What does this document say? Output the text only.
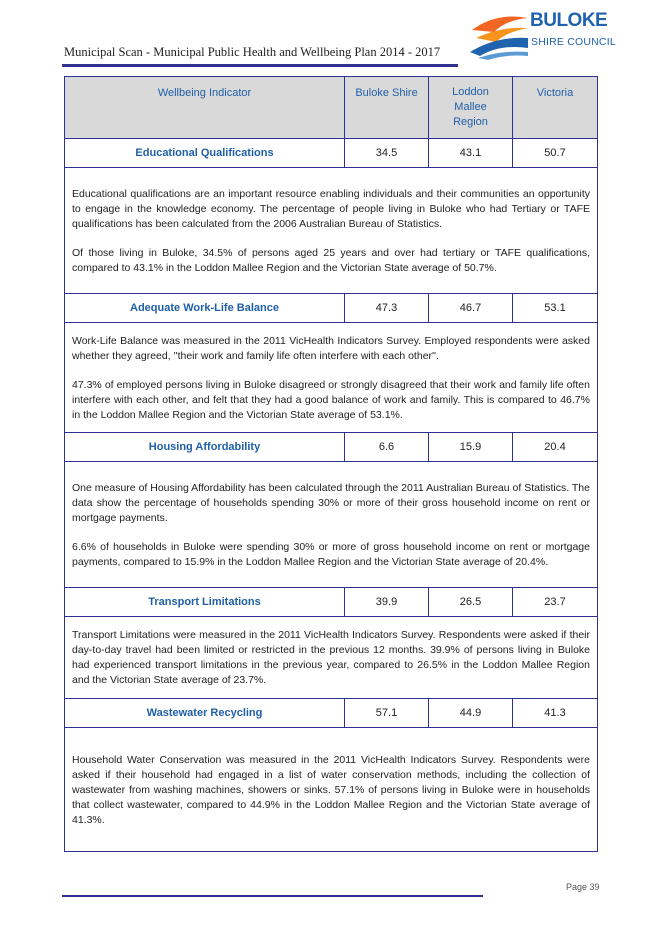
Municipal Scan - Municipal Public Health and Wellbeing Plan 2014 - 2017
BULOKE
SHIRE COUNCIL
Wellbeing Indicator	Buloke Shire	Loddon Mallee Region	Victoria
Educational Qualifications	34.5	43.1	50.7

Educational qualifications are an important resource enabling individuals and their communities an opportunity to engage in the knowledge economy. The percentage of people living in Buloke who had Tertiary or TAFE qualifications has been calculated from the 2006 Australian Bureau of Statistics.

Of those living in Buloke, 34.5% of persons aged 25 years and over had tertiary or TAFE qualifications, compared to 43.1% in the Loddon Mallee Region and the Victorian State average of 50.7%.			

Adequate Work-Life Balance	47.3	46.7	53.1

Work-Life Balance was measured in the 2011 VicHealth Indicators Survey. Employed respondents were asked whether they agreed, ''their work and family life often interfere with each other''.

47.3% of employed persons living in Buloke disagreed or strongly disagreed that their work and family life often interfere with each other, and felt that they had a good balance of work and family. This is compared to 46.7% in the Loddon Mallee Region and the Victorian State average of 53.1%.			

Housing Affordability	6.6	15.9	20.4

One measure of Housing Affordability has been calculated through the 2011 Australian Bureau of Statistics. The data show the percentage of households spending 30% or more of their gross household income on rent or mortgage payments.

6.6% of households in Buloke were spending 30% or more of gross household income on rent or mortgage payments, compared to 15.9% in the Loddon Mallee Region and the Victorian State average of 20.4%.			

Transport Limitations	39.9	26.5	23.7

Transport Limitations were measured in the 2011 VicHealth Indicators Survey. Respondents were asked if their day-to-day travel had been limited or restricted in the previous 12 months. 39.9% of persons living in Buloke had experienced transport limitations in the previous year, compared to 26.5% in the Loddon Mallee Region and the Victorian State average of 23.7%.			

Wastewater Recycling	57.1	44.9	41.3

Household Water Conservation was measured in the 2011 VicHealth Indicators Survey. Respondents were asked if their household had engaged in a list of water conservation methods, including the collection of wastewater from washing machines, showers or sinks. 57.1% of persons living in Buloke were in households that collect wastewater, compared to 44.9% in the Loddon Mallee Region and the Victorian State average of 41.3%.			

Page 39
